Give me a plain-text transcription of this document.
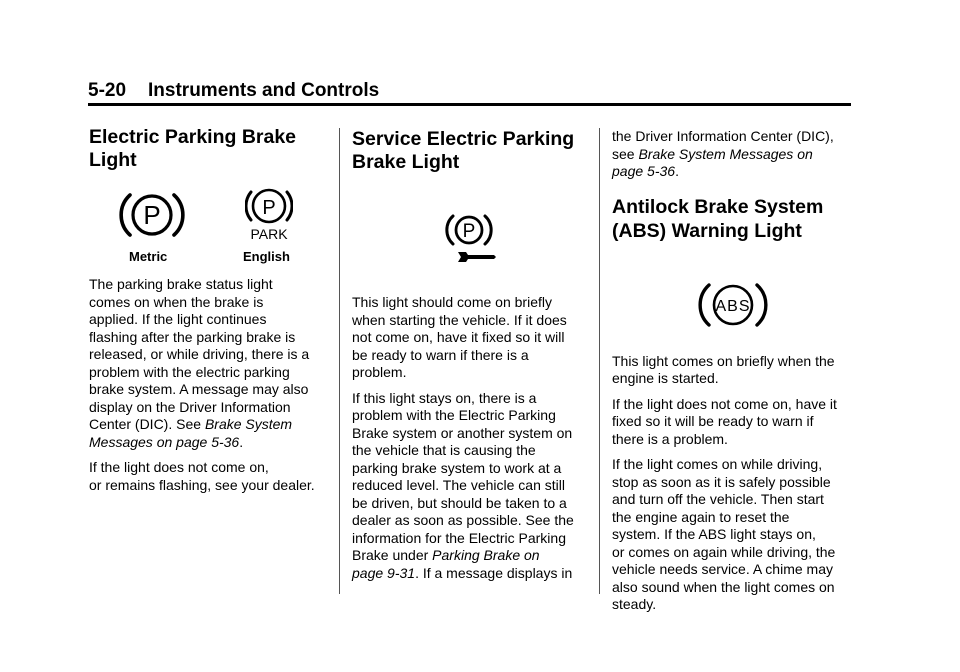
5-20 Instruments and Controls
Electric Parking Brake
Light
P	P
PARK
Metric	English

The parking brake status light
comes on when the brake is
applied. If the light continues
flashing after the parking brake is
released, or while driving, there is a
problem with the electric parking
brake system. A message may also
display on the Driver Information
Center (DIC). See Brake System
Messages on page 5-36.

If the light does not come on,
or remains flashing, see your dealer.

Service Electric Parking
Brake Light
P

This light should come on briefly
when starting the vehicle. If it does
not come on, have it fixed so it will
be ready to warn if there is a
problem.

If this light stays on, there is a
problem with the Electric Parking
Brake system or another system on
the vehicle that is causing the
parking brake system to work at a
reduced level. The vehicle can still
be driven, but should be taken to a
dealer as soon as possible. See the
information for the Electric Parking
Brake under Parking Brake on
page 9-31. If a message displays in

the Driver Information Center (DIC),
see Brake System Messages on
page 5-36.

Antilock Brake System
(ABS) Warning Light
ABS

This light comes on briefly when the
engine is started.

If the light does not come on, have it
fixed so it will be ready to warn if
there is a problem.

If the light comes on while driving,
stop as soon as it is safely possible
and turn off the vehicle. Then start
the engine again to reset the
system. If the ABS light stays on,
or comes on again while driving, the
vehicle needs service. A chime may
also sound when the light comes on
steady.
